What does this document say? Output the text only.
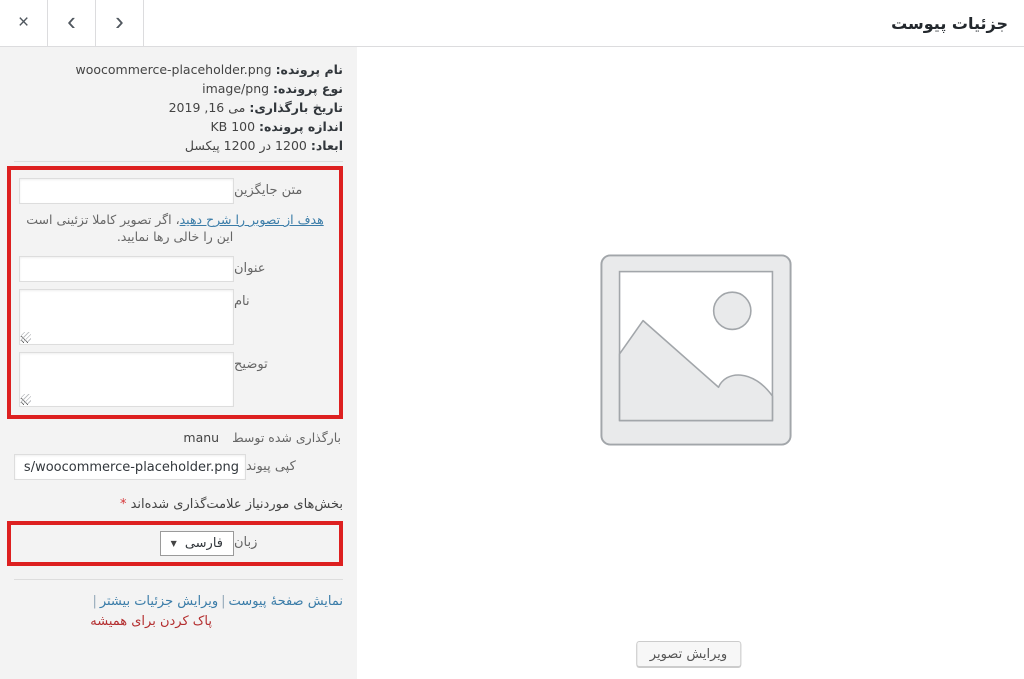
×	‹	›	جزئیات پیوست
نام پرونده: woocommerce-placeholder.png
نوع پرونده: image/png
تاریخ بارگذاری: می 16, 2019
اندازه پرونده: 100 KB
ابعاد: 1200 در 1200 پیکسل
متن جایگزین
هدف از تصویر را شرح دهید، اگر تصویر کاملا تزئینی است این را خالی رها نمایید.
عنوان
نام
توضیح
بارگذاری شده توسط manu
کپی پیوند
s/woocommerce-placeholder.png
بخش‌های موردنیاز علامت‌گذاری شده‌اند *
زبان
فارسی
▼
نمایش صفحهٔ پیوست|ویرایش جزئیات بیشتر|
پاک کردن برای همیشه
ویرایش تصویر
